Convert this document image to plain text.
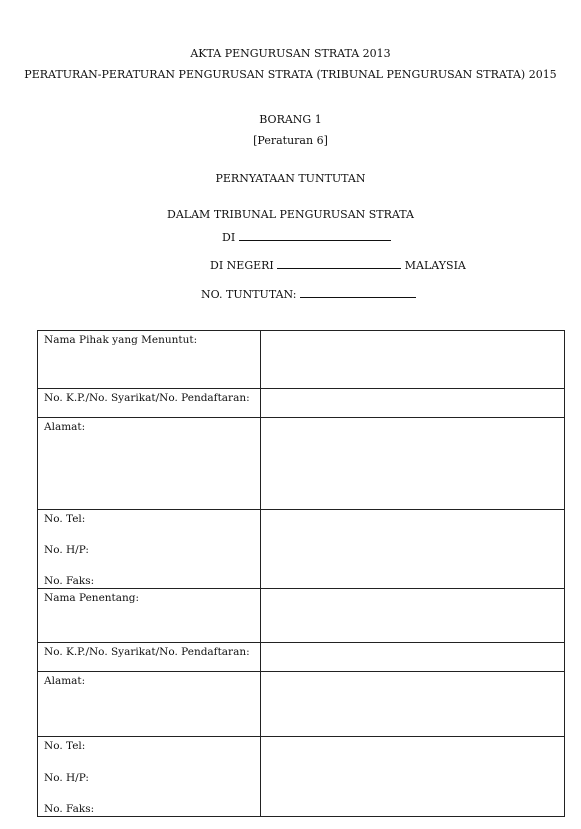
AKTA PENGURUSAN STRATA 2013
PERATURAN-PERATURAN PENGURUSAN STRATA (TRIBUNAL PENGURUSAN STRATA) 2015
BORANG 1
[Peraturan 6]
PERNYATAAN TUNTUTAN
DALAM TRIBUNAL PENGURUSAN STRATA
DI
DI NEGERI	MALAYSIA
NO. TUNTUTAN:
Nama Pihak yang Menuntut:	
No. K.P./No. Syarikat/No. Pendaftaran:	
Alamat:	

No. Tel:
No. H/P:
No. Faks:	

Nama Penentang:	
No. K.P./No. Syarikat/No. Pendaftaran:	
Alamat:	

No. Tel:
No. H/P:
No. Faks:	
